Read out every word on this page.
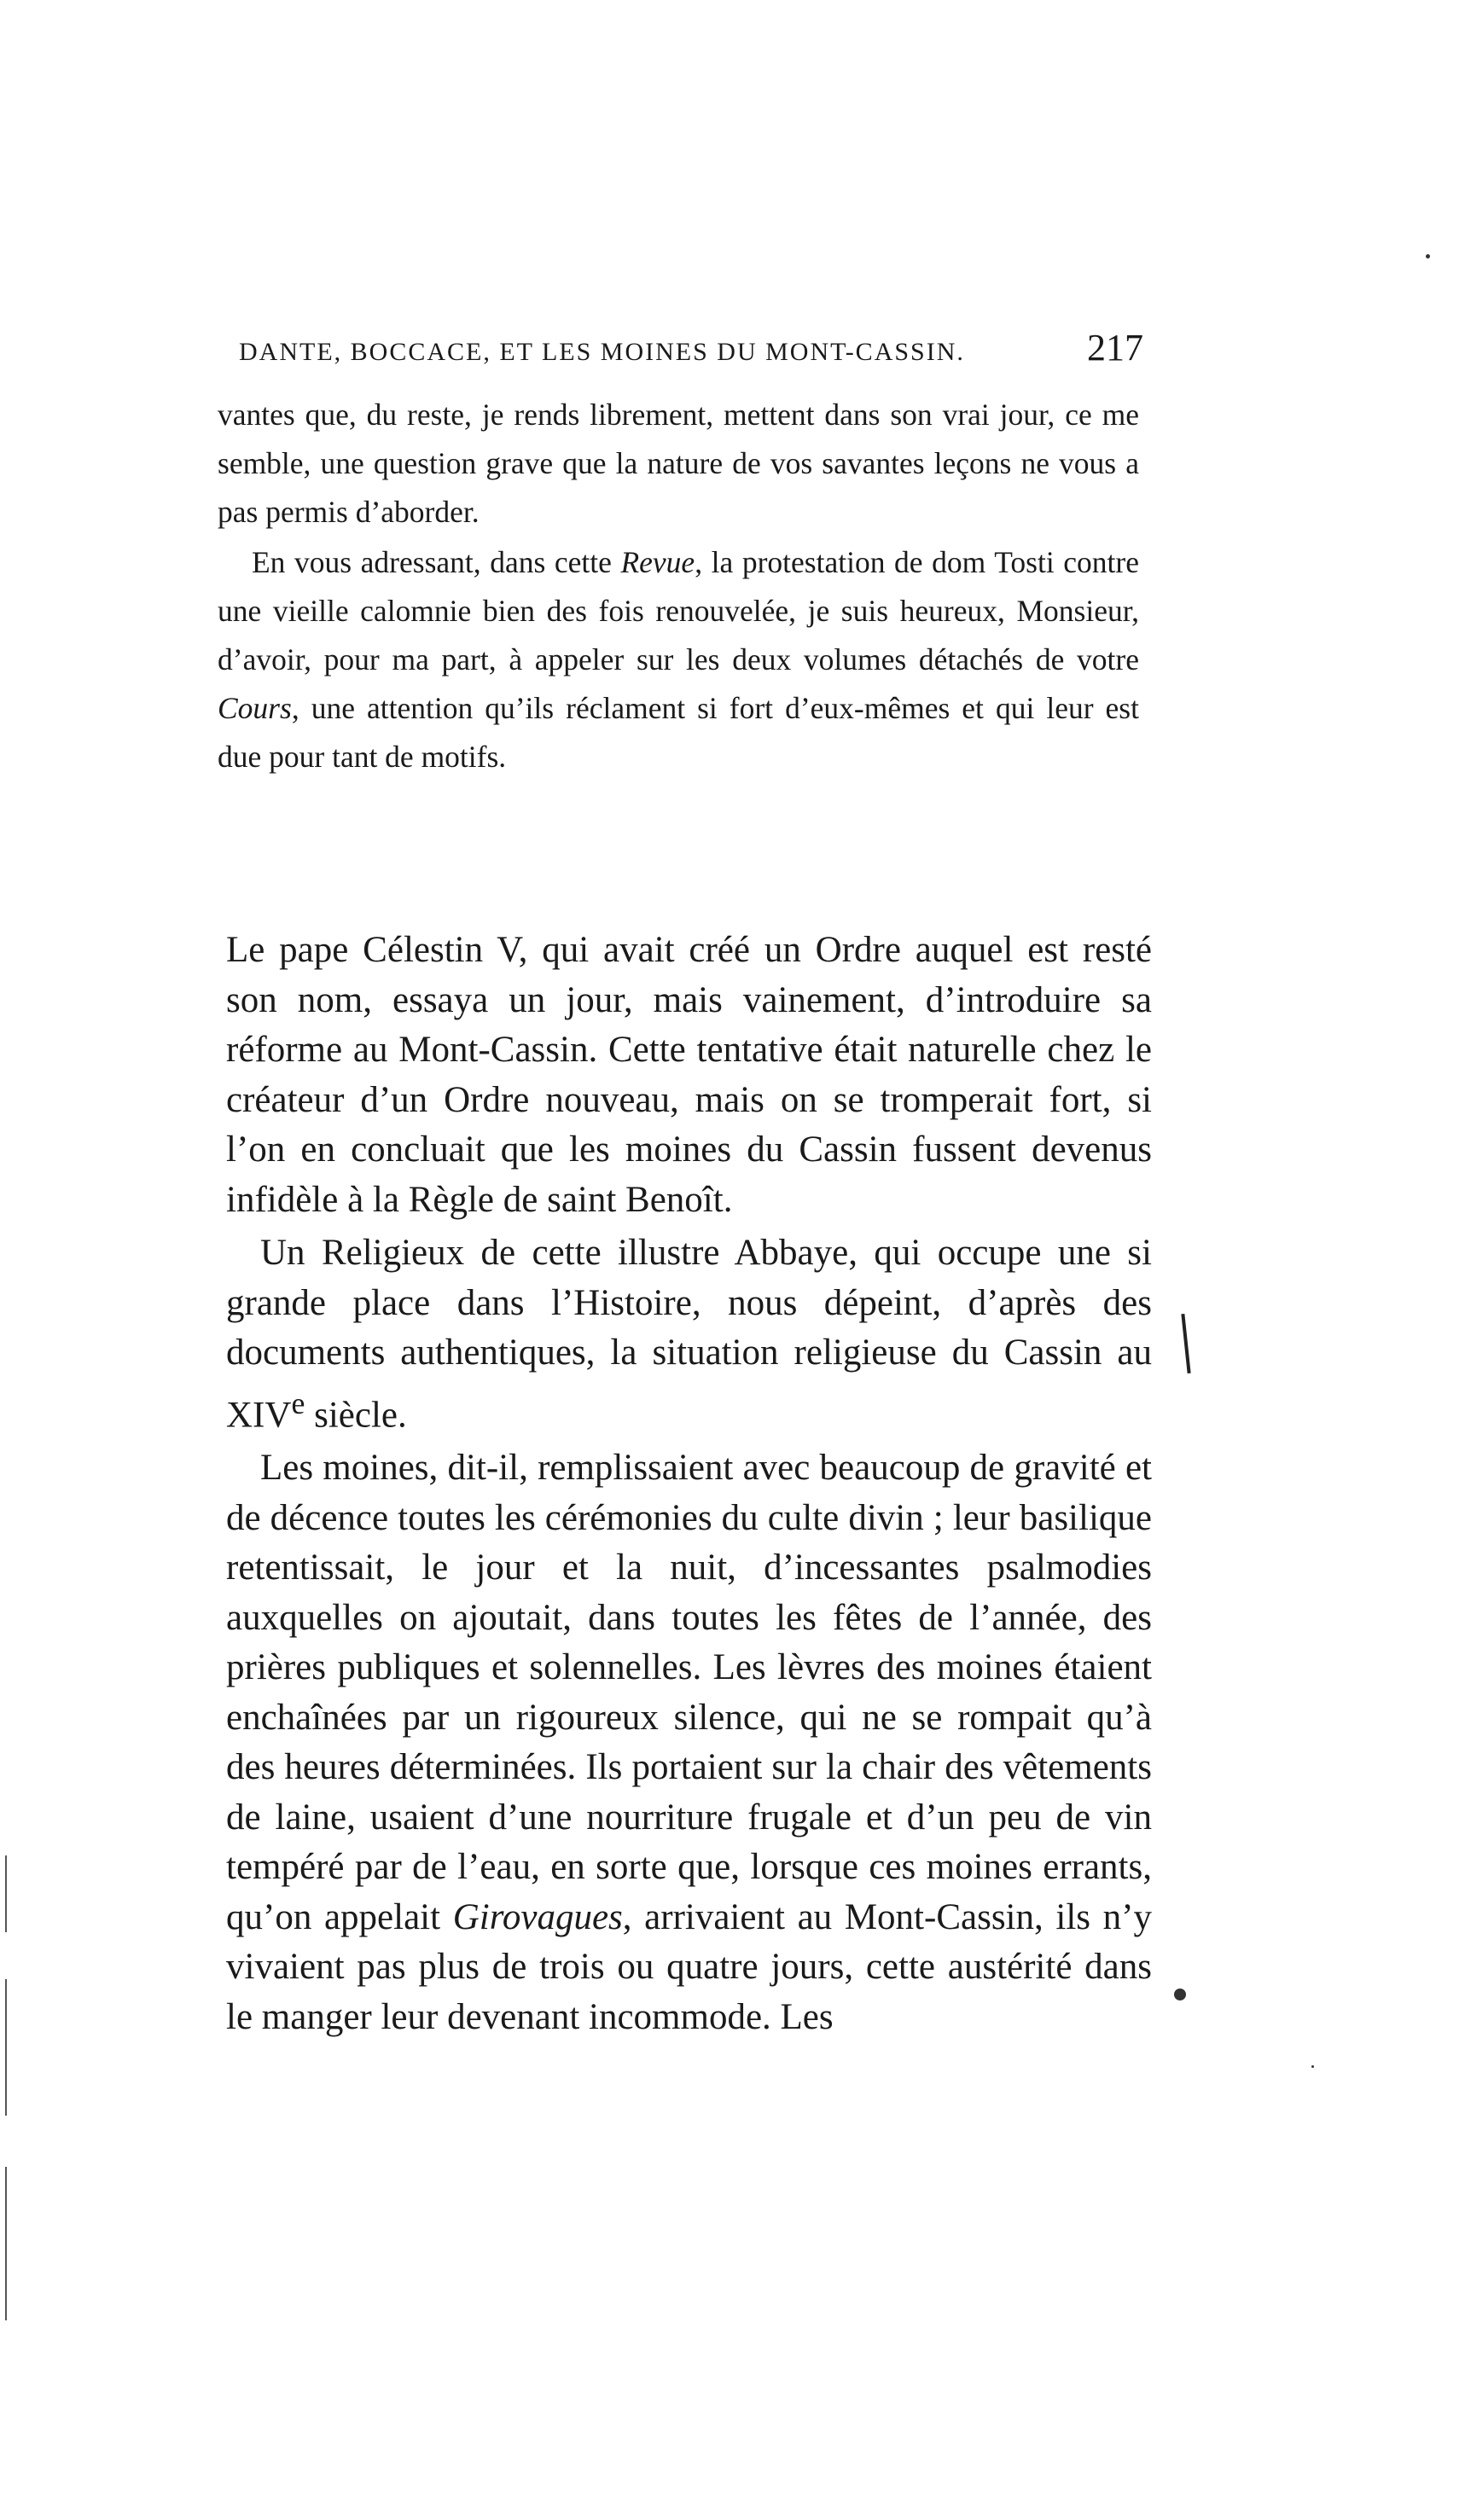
DANTE, BOCCACE, ET LES MOINES DU MONT-CASSIN.	217

vantes que, du reste, je rends librement, mettent dans son vrai jour, ce me semble, une question grave que la nature de vos savantes leçons ne vous a pas permis d’aborder.

En vous adressant, dans cette Revue, la protestation de dom Tosti contre une vieille calomnie bien des fois renouvelée, je suis heureux, Monsieur, d’avoir, pour ma part, à appeler sur les deux volumes détachés de votre Cours, une attention qu’ils réclament si fort d’eux-mêmes et qui leur est due pour tant de motifs.

Le pape Célestin V, qui avait créé un Ordre auquel est resté son nom, essaya un jour, mais vainement, d’introduire sa réforme au Mont-Cassin. Cette tentative était naturelle chez le créateur d’un Ordre nouveau, mais on se tromperait fort, si l’on en concluait que les moines du Cassin fussent devenus infidèle à la Règle de saint Benoît.

Un Religieux de cette illustre Abbaye, qui occupe une si grande place dans l’Histoire, nous dépeint, d’après des documents authentiques, la situation religieuse du Cassin au XIVe siècle.

Les moines, dit-il, remplissaient avec beaucoup de gravité et de décence toutes les cérémonies du culte divin ; leur basilique retentissait, le jour et la nuit, d’incessantes psalmodies auxquelles on ajoutait, dans toutes les fêtes de l’année, des prières publiques et solennelles. Les lèvres des moines étaient enchaînées par un rigoureux silence, qui ne se rompait qu’à des heures déterminées. Ils portaient sur la chair des vêtements de laine, usaient d’une nourriture frugale et d’un peu de vin tempéré par de l’eau, en sorte que, lorsque ces moines errants, qu’on appelait Girovagues, arrivaient au Mont-Cassin, ils n’y vivaient pas plus de trois ou quatre jours, cette austérité dans le manger leur devenant incommode. Les
